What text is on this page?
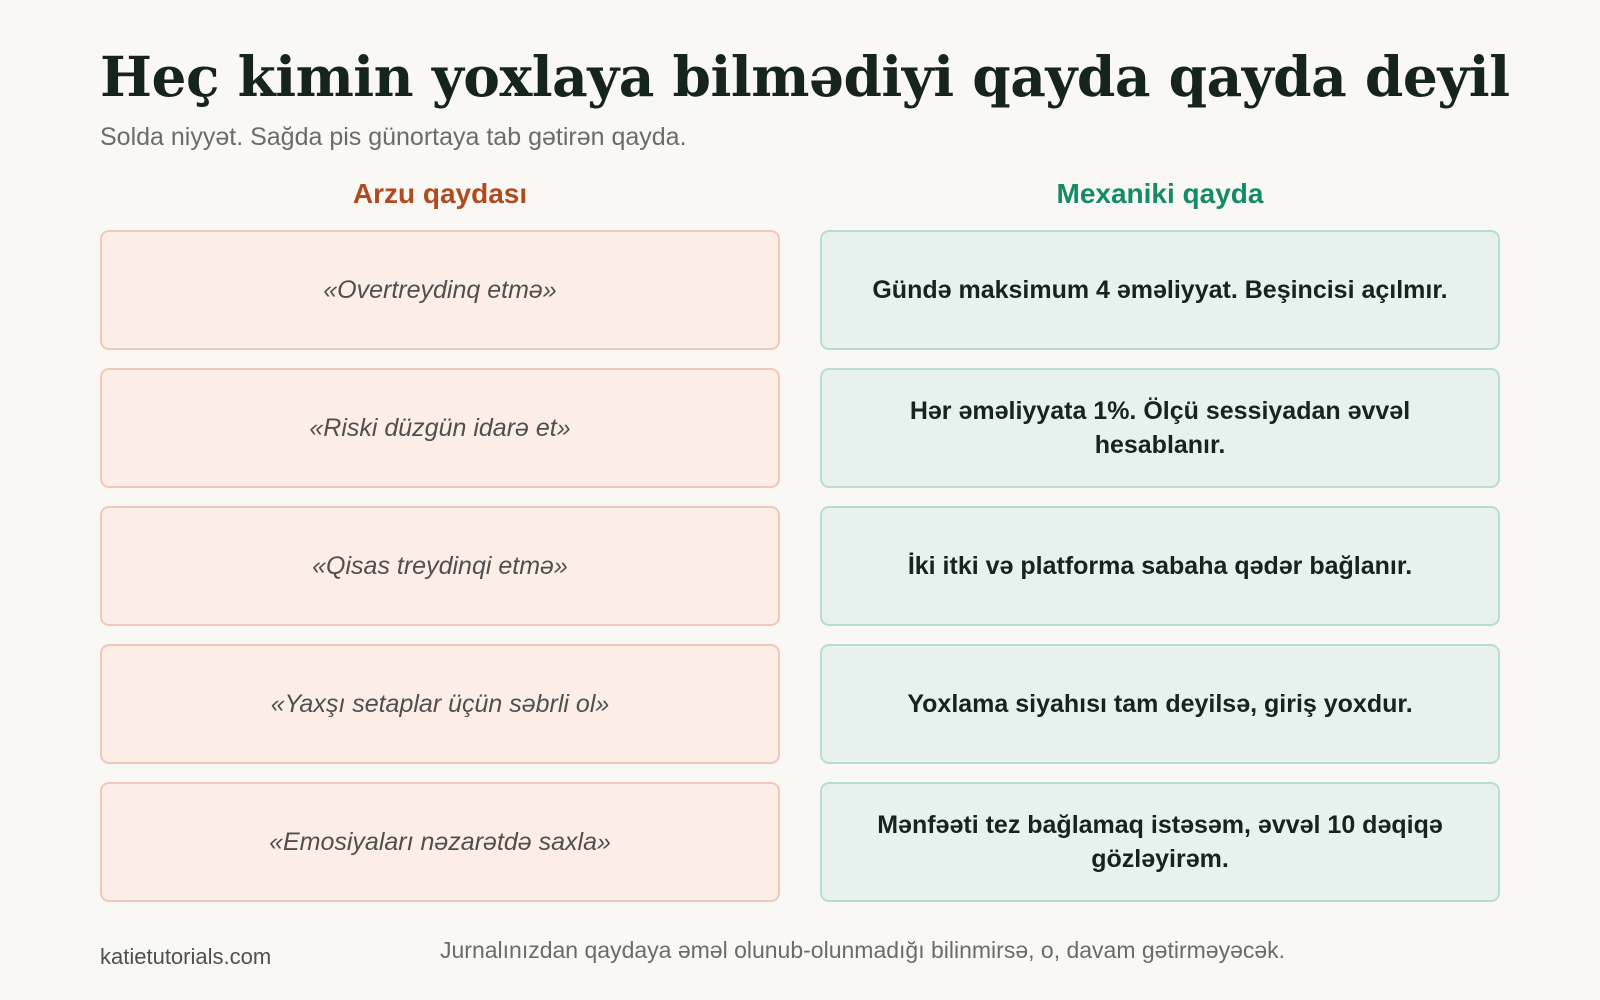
Heç kimin yoxlaya bilmədiyi qayda qayda deyil

Solda niyyət. Sağda pis günortaya tab gətirən qayda.

Arzu qaydası	Mexaniki qayda
«Overtreydinq etmə»
«Riski düzgün idarə et»
«Qisas treydinqi etmə»
«Yaxşı setaplar üçün səbrli ol»
«Emosiyaları nəzarətdə saxla»
Gündə maksimum 4 əməliyyat. Beşincisi açılmır.
Hər əməliyyata 1%. Ölçü sessiyadan əvvəl hesablanır.
İki itki və platforma sabaha qədər bağlanır.
Yoxlama siyahısı tam deyilsə, giriş yoxdur.
Mənfəəti tez bağlamaq istəsəm, əvvəl 10 dəqiqə gözləyirəm.
katietutorials.com	Jurnalınızdan qaydaya əməl olunub-olunmadığı bilinmirsə, o, davam gətirməyəcək.
